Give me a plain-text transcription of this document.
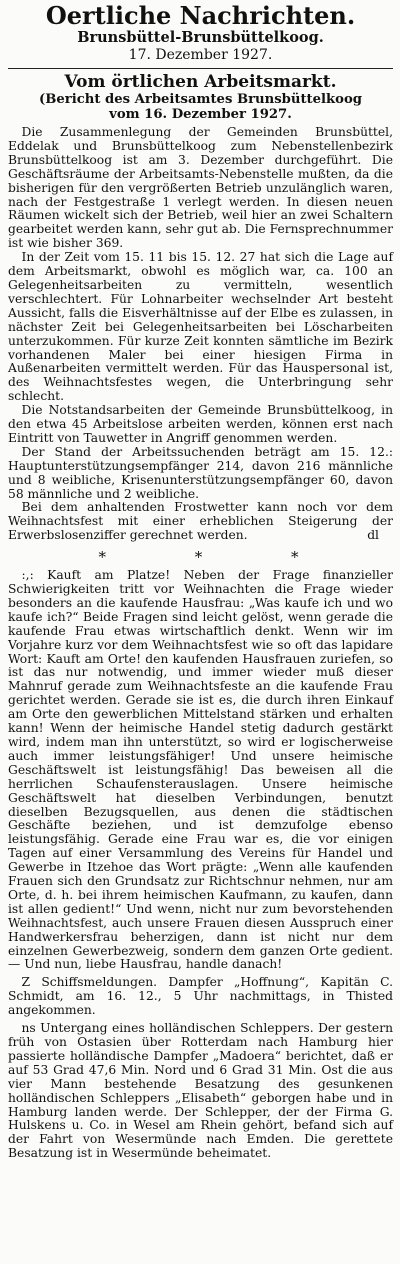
Oertliche Nachrichten.
Brunsbüttel-Brunsbüttelkoog.
17. Dezember 1927.
Vom örtlichen Arbeitsmarkt.
(Bericht des Arbeitsamtes Brunsbüttelkoog
vom 16. Dezember 1927.

Die Zusammenlegung der Gemeinden Brunsbüttel, Eddelak und Brunsbüttelkoog zum Nebenstellenbezirk Brunsbüttelkoog ist am 3. Dezember durchgeführt. Die Geschäftsräume der Arbeitsamts-Nebenstelle mußten, da die bisherigen für den vergrößerten Betrieb unzulänglich waren, nach der Festgestraße 1 verlegt werden. In diesen neuen Räumen wickelt sich der Betrieb, weil hier an zwei Schaltern gearbeitet werden kann, sehr gut ab. Die Fernsprechnummer ist wie bisher 369.

In der Zeit vom 15. 11 bis 15. 12. 27 hat sich die Lage auf dem Arbeitsmarkt, obwohl es möglich war, ca. 100 an Gelegenheitsarbeiten zu vermitteln, wesentlich verschlechtert. Für Lohnarbeiter wechselnder Art besteht Aussicht, falls die Eisverhältnisse auf der Elbe es zulassen, in nächster Zeit bei Gelegenheitsarbeiten bei Löscharbeiten unterzukommen. Für kurze Zeit konnten sämtliche im Bezirk vorhandenen Maler bei einer hiesigen Firma in Außenarbeiten vermittelt werden. Für das Hauspersonal ist, des Weihnachtsfestes wegen, die Unterbringung sehr schlecht.

Die Notstandsarbeiten der Gemeinde Brunsbüttelkoog, in den etwa 45 Arbeitslose arbeiten werden, können erst nach Eintritt von Tauwetter in Angriff genommen werden.

Der Stand der Arbeitssuchenden beträgt am 15. 12.: Hauptunterstützungsempfänger 214, davon 216 männliche und 8 weibliche, Krisenunterstützungsempfänger 60, davon 58 männliche und 2 weibliche.

Bei dem anhaltenden Frostwetter kann noch vor dem Weihnachtsfest mit einer erheblichen Steigerung der Erwerbslosenziffer gerechnet werden.	dl
* * *

:,: Kauft am Platze! Neben der Frage finanzieller Schwierigkeiten tritt vor Weihnachten die Frage wieder besonders an die kaufende Hausfrau: „Was kaufe ich und wo kaufe ich?“ Beide Fragen sind leicht gelöst, wenn gerade die kaufende Frau etwas wirtschaftlich denkt. Wenn wir im Vorjahre kurz vor dem Weihnachtsfest wie so oft das lapidare Wort: Kauft am Orte! den kaufenden Hausfrauen zuriefen, so ist das nur notwendig, und immer wieder muß dieser Mahnruf gerade zum Weihnachtsfeste an die kaufende Frau gerichtet werden. Gerade sie ist es, die durch ihren Einkauf am Orte den gewerblichen Mittelstand stärken und erhalten kann! Wenn der heimische Handel stetig dadurch gestärkt wird, indem man ihn unterstützt, so wird er logischerweise auch immer leistungsfähiger! Und unsere heimische Geschäftswelt ist leistungsfähig! Das beweisen all die herrlichen Schaufensterauslagen. Unsere heimische Geschäftswelt hat dieselben Verbindungen, benutzt dieselben Bezugsquellen, aus denen die städtischen Geschäfte beziehen, und ist demzufolge ebenso leistungsfähig. Gerade eine Frau war es, die vor einigen Tagen auf einer Versammlung des Vereins für Handel und Gewerbe in Itzehoe das Wort prägte: „Wenn alle kaufenden Frauen sich den Grundsatz zur Richtschnur nehmen, nur am Orte, d. h. bei ihrem heimischen Kaufmann, zu kaufen, dann ist allen gedient!“ Und wenn, nicht nur zum bevorstehenden Weihnachtsfest, auch unsere Frauen diesen Ausspruch einer Handwerkersfrau beherzigen, dann ist nicht nur dem einzelnen Gewerbezweig, sondern dem ganzen Orte gedient. — Und nun, liebe Hausfrau, handle danach!

Z Schiffsmeldungen. Dampfer „Hoffnung“, Kapitän C. Schmidt, am 16. 12., 5 Uhr nachmittags, in Thisted angekommen.

ns Untergang eines holländischen Schleppers. Der gestern früh von Ostasien über Rotterdam nach Hamburg hier passierte holländische Dampfer „Madoera“ berichtet, daß er auf 53 Grad 47,6 Min. Nord und 6 Grad 31 Min. Ost die aus vier Mann bestehende Besatzung des gesunkenen holländischen Schleppers „Elisabeth“ geborgen habe und in Hamburg landen werde. Der Schlepper, der der Firma G. Hulskens u. Co. in Wesel am Rhein gehört, befand sich auf der Fahrt von Wesermünde nach Emden. Die gerettete Besatzung ist in Wesermünde beheimatet.
